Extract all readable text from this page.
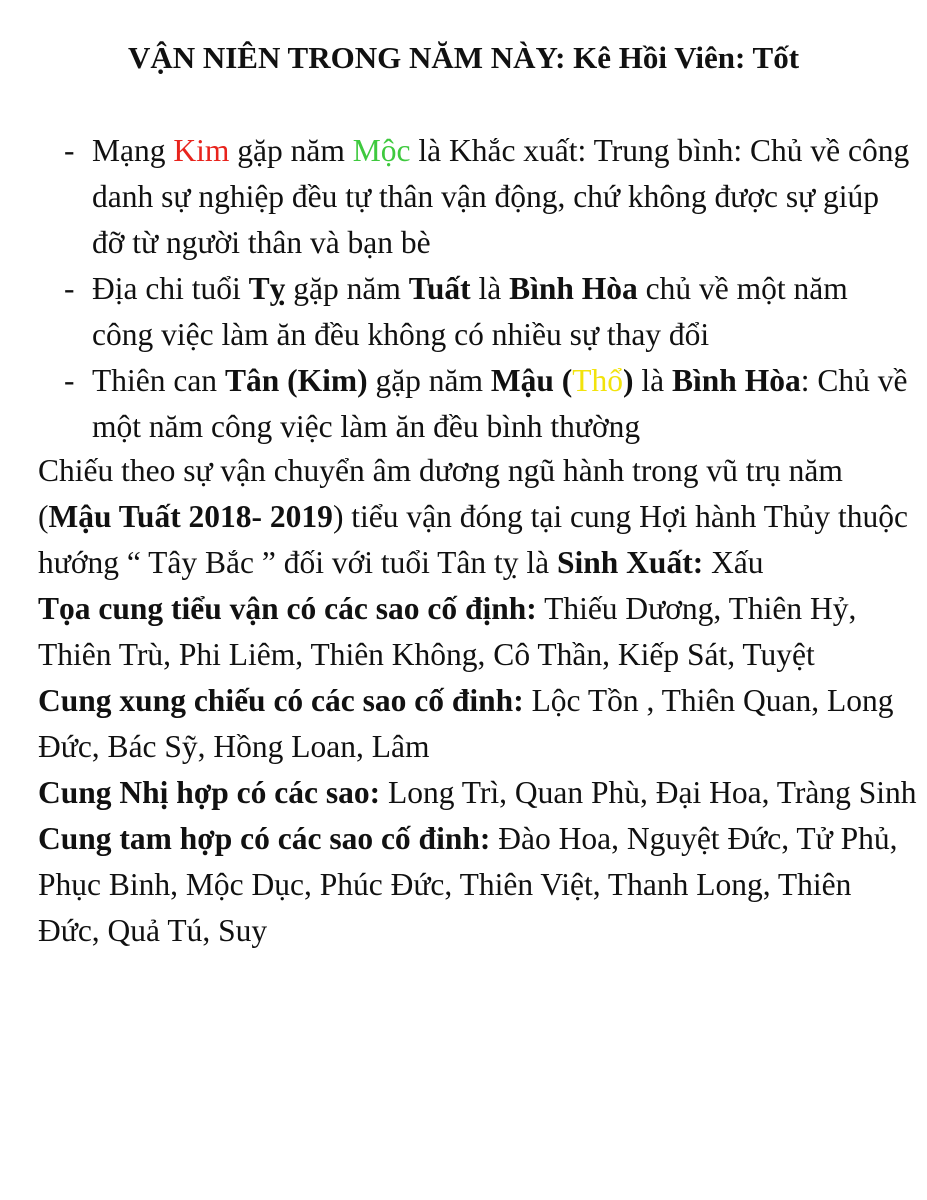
VẬN NIÊN TRONG NĂM NÀY: Kê Hồi Viên: Tốt
- Mạng Kim gặp năm Mộc là Khắc xuất: Trung bình: Chủ về công danh sự nghiệp đều tự thân vận động, chứ không được sự giúp đỡ từ người thân và bạn bè
- Địa chi tuổi Tỵ gặp năm Tuất là Bình Hòa chủ về một năm công việc làm ăn đều không có nhiều sự thay đổi
- Thiên can Tân (Kim) gặp năm Mậu (Thổ) là Bình Hòa: Chủ về một năm công việc làm ăn đều bình thường

Chiếu theo sự vận chuyển âm dương ngũ hành trong vũ trụ năm (Mậu Tuất 2018- 2019) tiểu vận đóng tại cung Hợi hành Thủy thuộc hướng “ Tây Bắc ” đối với tuổi Tân tỵ là Sinh Xuất: Xấu

Tọa cung tiểu vận có các sao cố định: Thiếu Dương, Thiên Hỷ, Thiên Trù, Phi Liêm, Thiên Không, Cô Thần, Kiếp Sát, Tuyệt

Cung xung chiếu có các sao cố đinh: Lộc Tồn , Thiên Quan, Long Đức, Bác Sỹ, Hồng Loan, Lâm

Cung Nhị hợp có các sao: Long Trì, Quan Phù, Đại Hoa, Tràng Sinh

Cung tam hợp có các sao cố đinh: Đào Hoa, Nguyệt Đức, Tử Phủ, Phục Binh, Mộc Dục, Phúc Đức, Thiên Việt, Thanh Long, Thiên Đức, Quả Tú, Suy
